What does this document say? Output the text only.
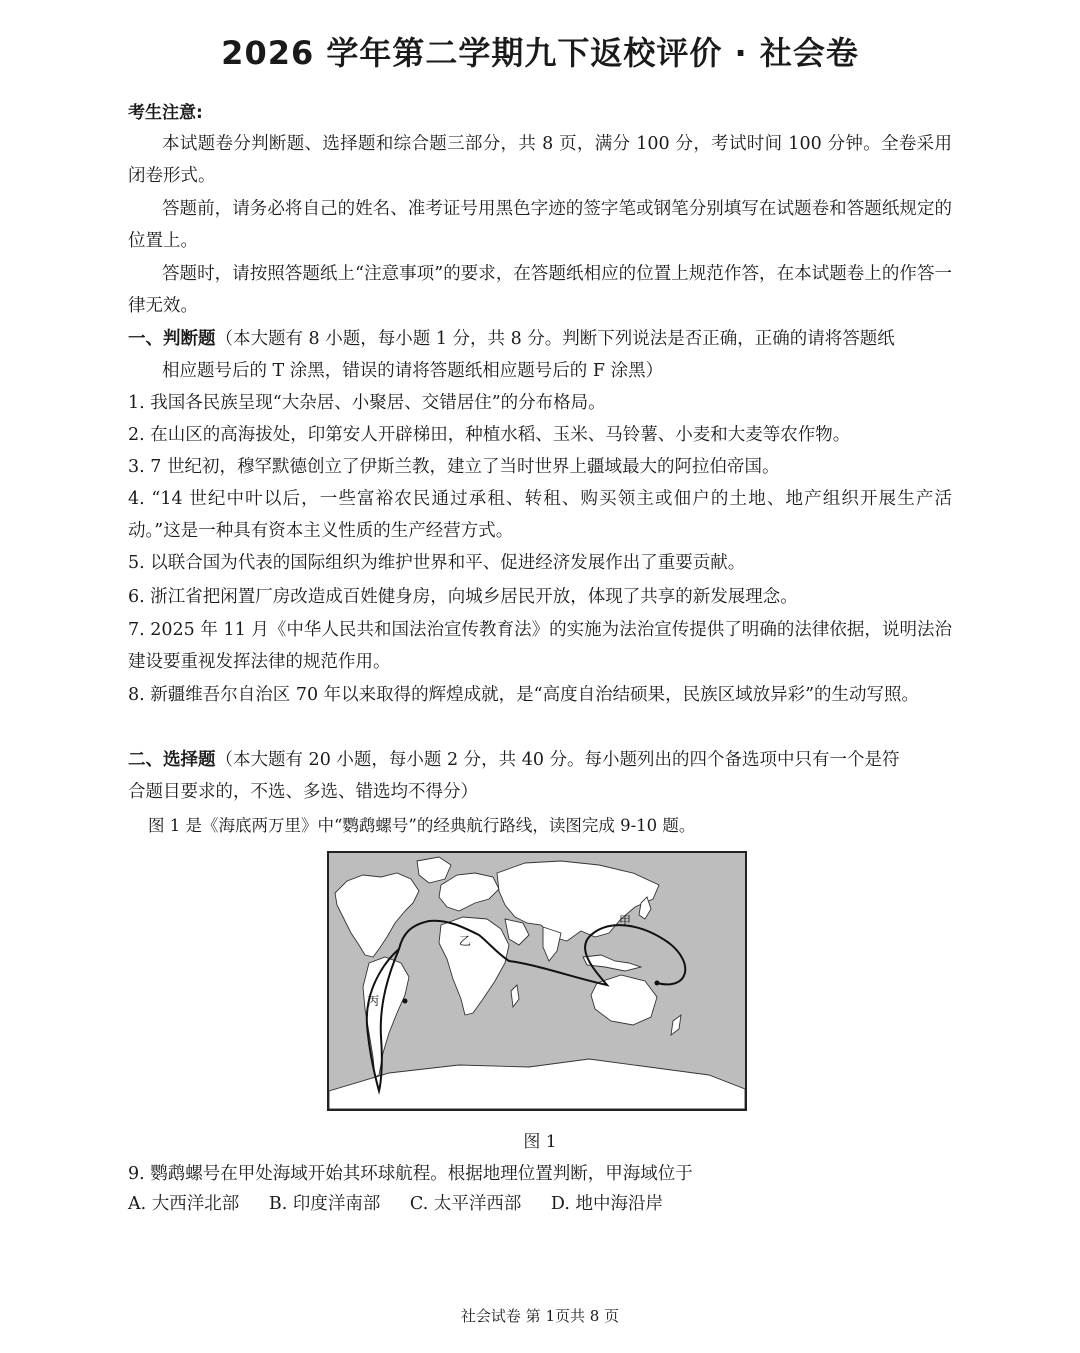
2026 学年第二学期九下返校评价 · 社会卷
考生注意:
本试题卷分判断题、选择题和综合题三部分，共 8 页，满分 100 分，考试时间 100 分钟。全卷采用闭卷形式。
答题前，请务必将自己的姓名、准考证号用黑色字迹的签字笔或钢笔分别填写在试题卷和答题纸规定的位置上。
答题时，请按照答题纸上“注意事项”的要求，在答题纸相应的位置上规范作答，在本试题卷上的作答一律无效。
一、判断题（本大题有 8 小题，每小题 1 分，共 8 分。判断下列说法是否正确，正确的请将答题纸
相应题号后的 T 涂黑，错误的请将答题纸相应题号后的 F 涂黑）
1. 我国各民族呈现“大杂居、小聚居、交错居住”的分布格局。
2. 在山区的高海拔处，印第安人开辟梯田，种植水稻、玉米、马铃薯、小麦和大麦等农作物。
3. 7 世纪初，穆罕默德创立了伊斯兰教，建立了当时世界上疆域最大的阿拉伯帝国。
4. “14 世纪中叶以后，一些富裕农民通过承租、转租、购买领主或佃户的土地、地产组织开展生产活动。”这是一种具有资本主义性质的生产经营方式。
5. 以联合国为代表的国际组织为维护世界和平、促进经济发展作出了重要贡献。
6. 浙江省把闲置厂房改造成百姓健身房，向城乡居民开放，体现了共享的新发展理念。
7. 2025 年 11 月《中华人民共和国法治宣传教育法》的实施为法治宣传提供了明确的法律依据，说明法治建设要重视发挥法律的规范作用。
8. 新疆维吾尔自治区 70 年以来取得的辉煌成就，是“高度自治结硕果，民族区域放异彩”的生动写照。
二、选择题（本大题有 20 小题，每小题 2 分，共 40 分。每小题列出的四个备选项中只有一个是符
合题目要求的，不选、多选、错选均不得分）
图 1 是《海底两万里》中“鹦鹉螺号”的经典航行路线，读图完成 9-10 题。
甲
乙
丙
图 1
9. 鹦鹉螺号在甲处海域开始其环球航程。根据地理位置判断，甲海域位于
A. 大西洋北部 B. 印度洋南部 C. 太平洋西部 D. 地中海沿岸
社会试卷 第 1页共 8 页
